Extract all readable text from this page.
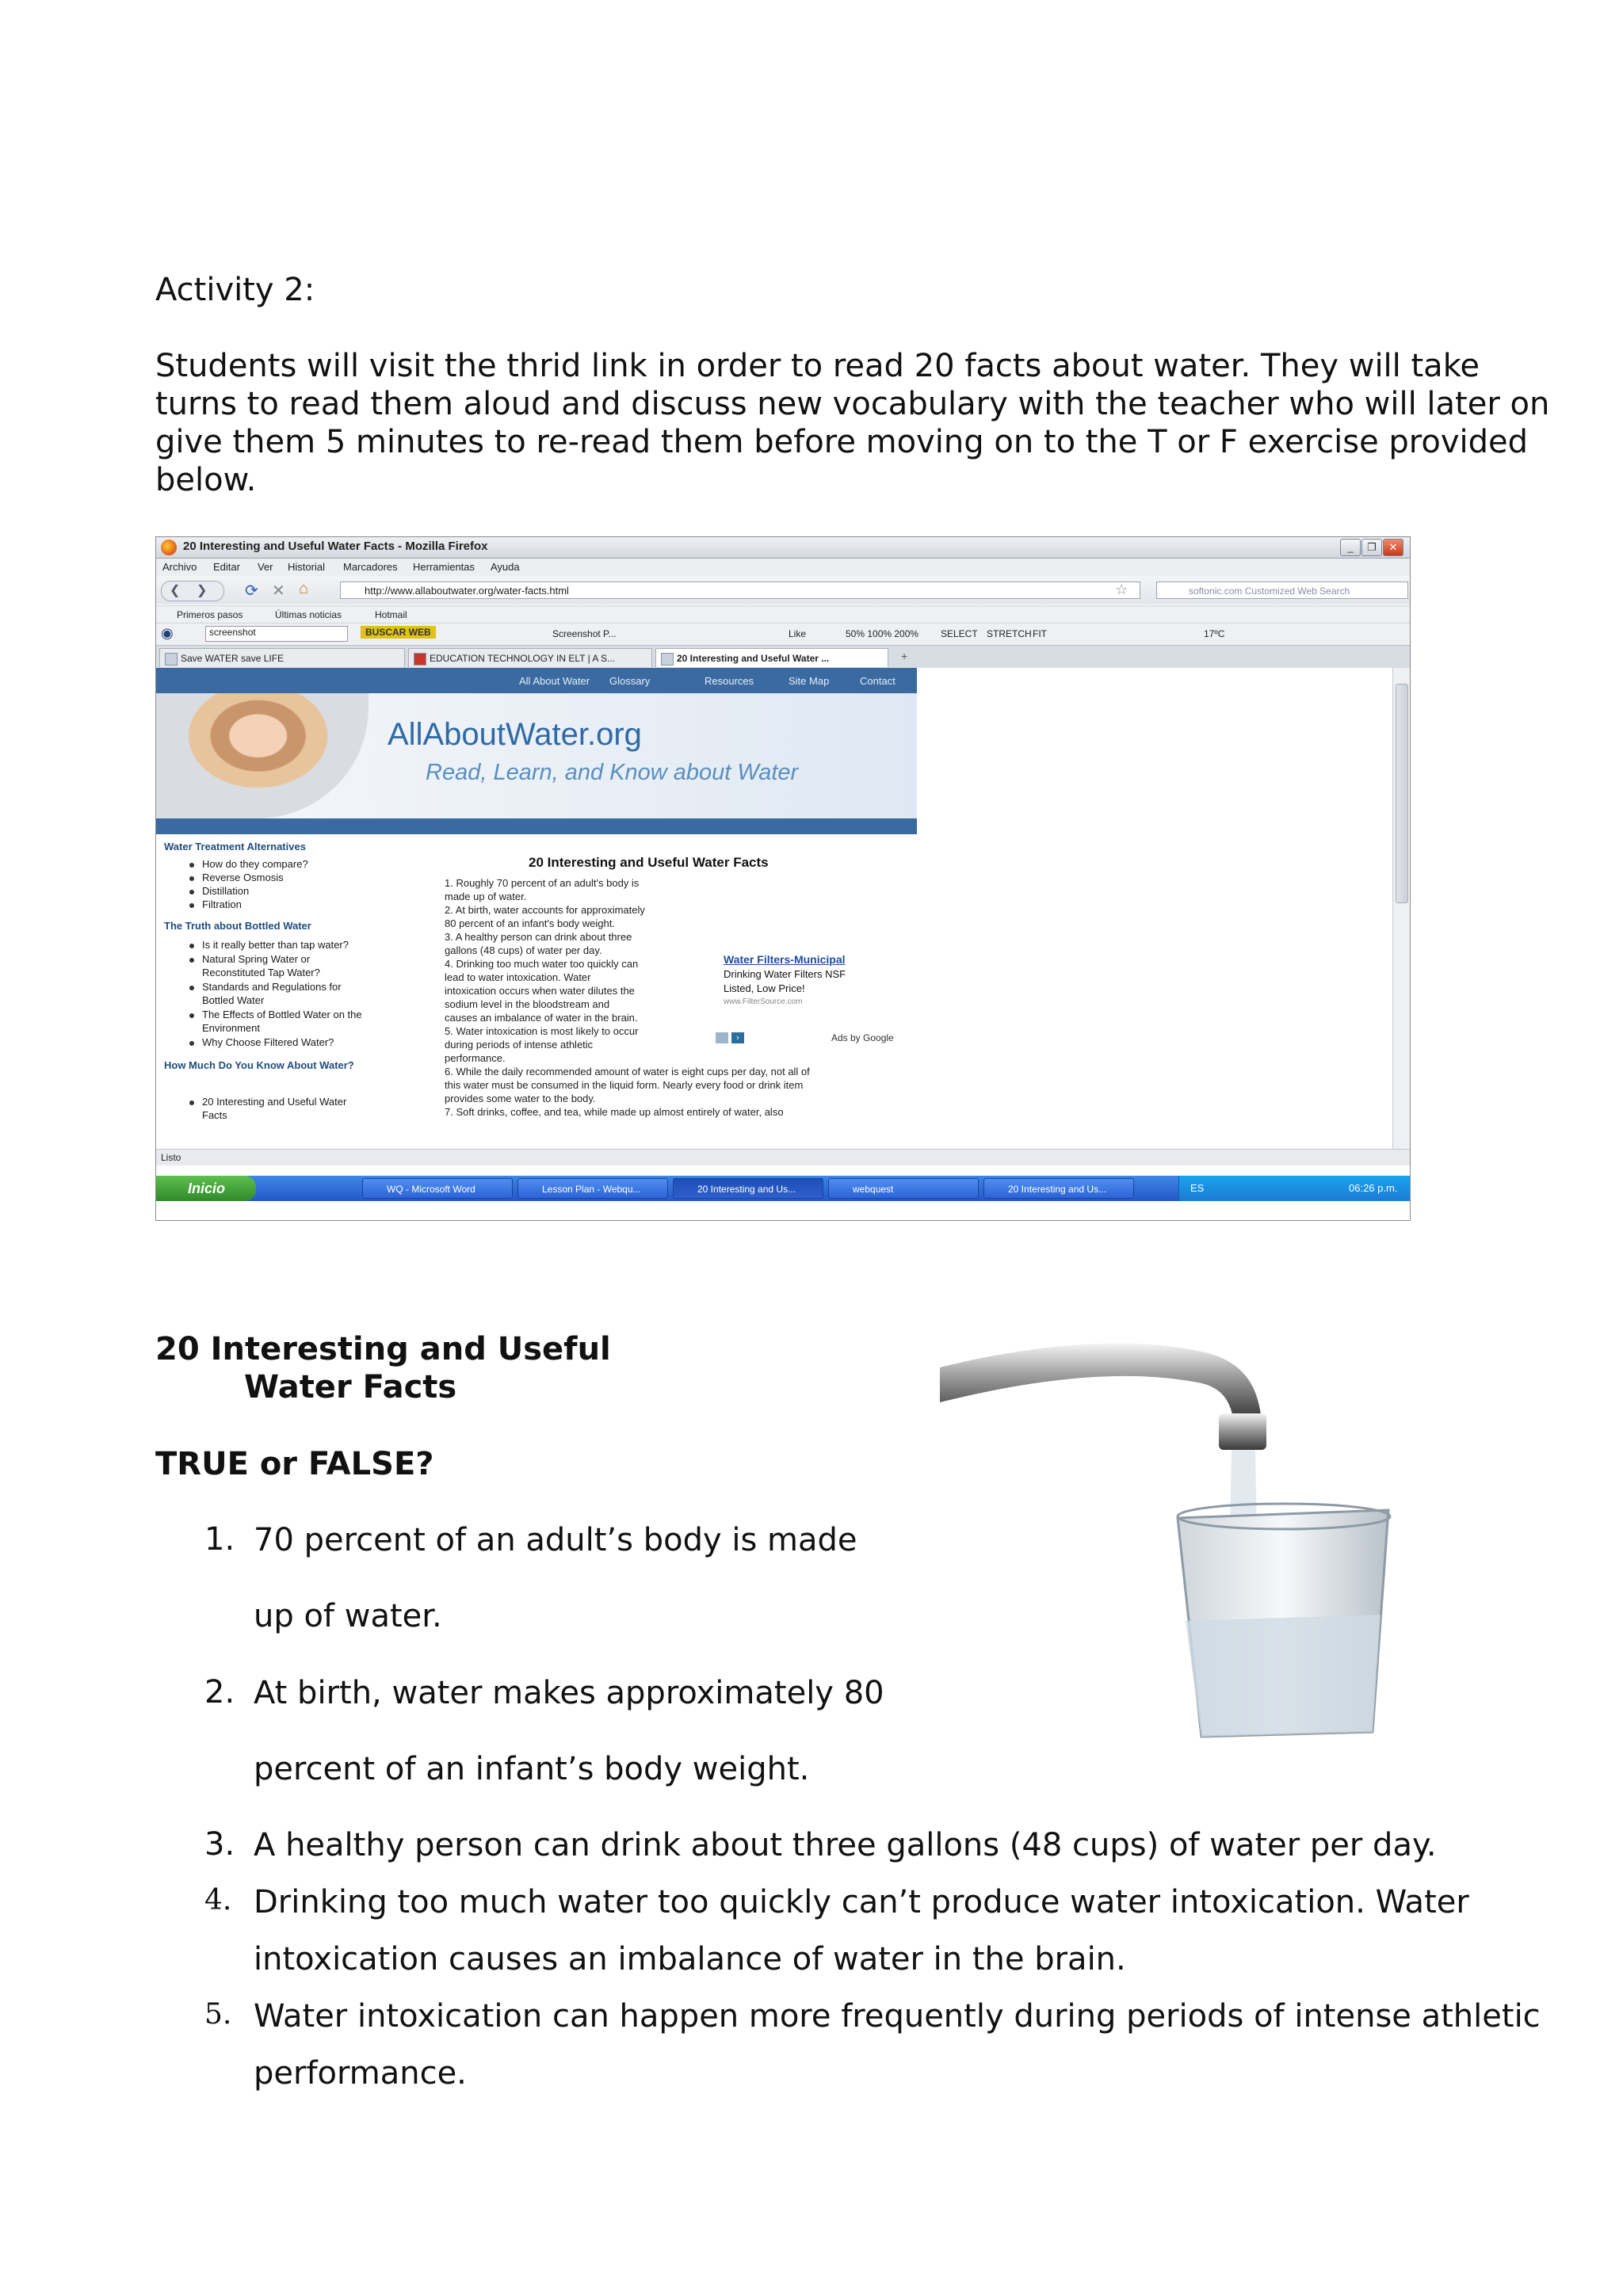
Activity 2:
Students will visit the thrid link in order to read 20 facts about water. They will take
turns to read them aloud and discuss new vocabulary with the teacher who will later on
give them 5 minutes to re-read them before moving on to the T or F exercise provided
below.
20 Interesting and Useful Water Facts - Mozilla Firefox	_	❐	✕
Archivo Editar Ver Historial Marcadores Herramientas Ayuda
❮ ❯ ⟳ ✕ ⌂	http://www.allaboutwater.org/water-facts.html	☆	softonic.com Customized Web Search
Primeros pasos	Últimas noticias	Hotmail
◉	screenshot	BUSCAR WEB	Screenshot P...	Like	50% 100% 200% SELECT STRETCH FIT	17ºC
Save WATER save LIFE	EDUCATION TECHNOLOGY IN ELT | A S...	20 Interesting and Useful Water ...	+
All About Water Glossary	Resources	Site Map	Contact
AllAboutWater.org
Read, Learn, and Know about Water
Water Treatment Alternatives
How do they compare?
Reverse Osmosis
Distillation
Filtration
The Truth about Bottled Water
Is it really better than tap water?
Natural Spring Water or
Reconstituted Tap Water?
Standards and Regulations for
Bottled Water
The Effects of Bottled Water on the
Environment
Why Choose Filtered Water?
How Much Do You Know About Water?
20 Interesting and Useful Water
Facts
20 Interesting and Useful Water Facts
1. Roughly 70 percent of an adult's body is
made up of water.
2. At birth, water accounts for approximately
80 percent of an infant's body weight.
3. A healthy person can drink about three
gallons (48 cups) of water per day.
4. Drinking too much water too quickly can
lead to water intoxication. Water
intoxication occurs when water dilutes the
sodium level in the bloodstream and
causes an imbalance of water in the brain.
5. Water intoxication is most likely to occur
during periods of intense athletic
performance.
6. While the daily recommended amount of water is eight cups per day, not all of
this water must be consumed in the liquid form. Nearly every food or drink item
provides some water to the body.
7. Soft drinks, coffee, and tea, while made up almost entirely of water, also
Water Filters-Municipal
Drinking Water Filters NSF
Listed, Low Price!
www.FilterSource.com
›	Ads by Google
Listo
Inicio	WQ - Microsoft Word	Lesson Plan - Webqu...	20 Interesting and Us...	webquest	20 Interesting and Us...	ES	06:26 p.m.
20 Interesting and Useful
Water Facts
TRUE or FALSE?
1. 70 percent of an adult’s body is made
up of water.
2. At birth, water makes approximately 80
percent of an infant’s body weight.
3. A healthy person can drink about three gallons (48 cups) of water per day.
4. Drinking too much water too quickly can’t produce water intoxication. Water
intoxication causes an imbalance of water in the brain.
5. Water intoxication can happen more frequently during periods of intense athletic
performance.
